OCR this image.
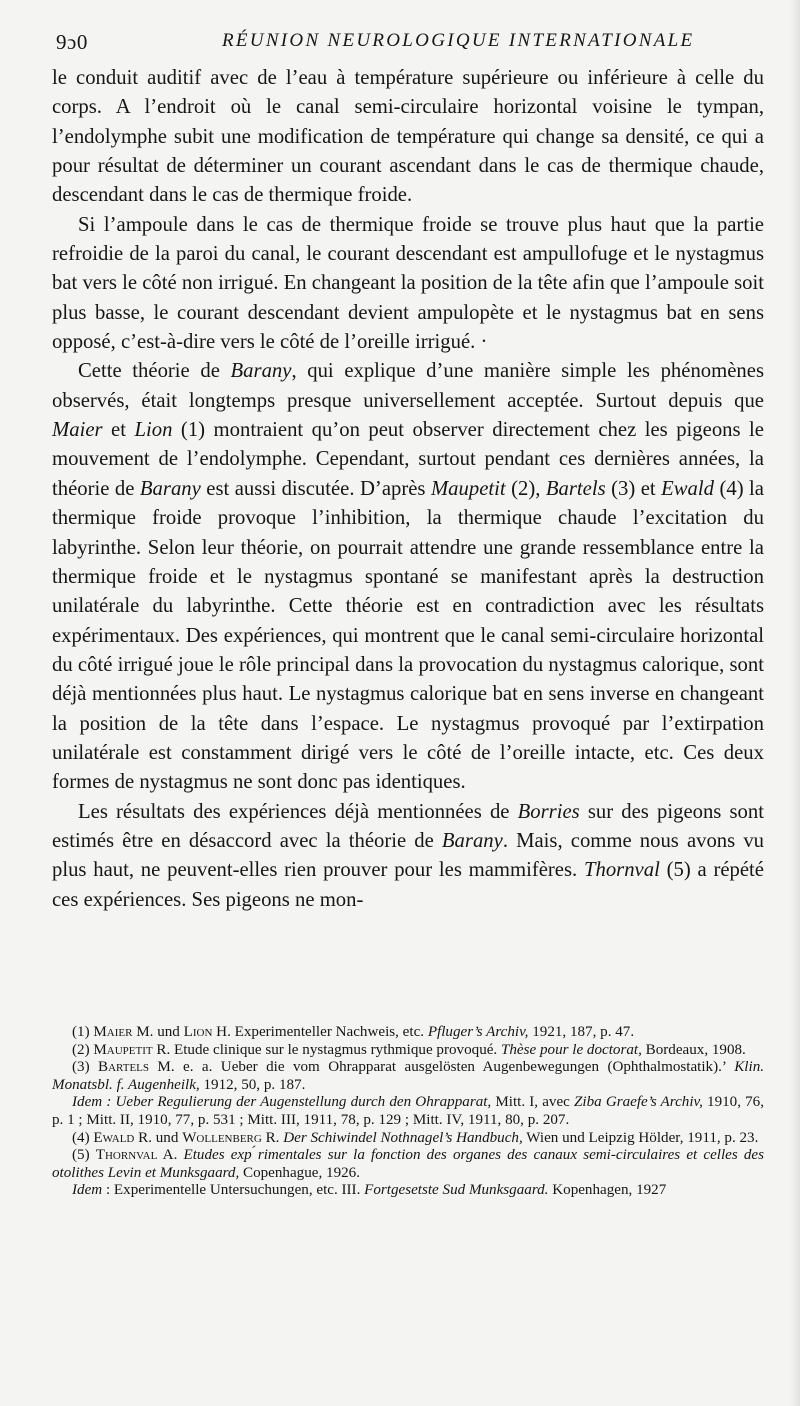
9ɔ0	RÉUNION NEUROLOGIQUE INTERNATIONALE

le conduit auditif avec de l’eau à température supérieure ou inférieure à celle du corps. A l’endroit où le canal semi-circulaire horizontal voisine le tympan, l’endolymphe subit une modification de température qui change sa densité, ce qui a pour résultat de déterminer un courant ascendant dans le cas de thermique chaude, descendant dans le cas de thermique froide.

Si l’ampoule dans le cas de thermique froide se trouve plus haut que la partie refroidie de la paroi du canal, le courant descendant est ampullofuge et le nystagmus bat vers le côté non irrigué. En changeant la position de la tête afin que l’ampoule soit plus basse, le courant descendant devient ampulopète et le nystagmus bat en sens opposé, c’est-à-dire vers le côté de l’oreille irrigué. ·

Cette théorie de Barany, qui explique d’une manière simple les phénomènes observés, était longtemps presque universellement acceptée. Surtout depuis que Maier et Lion (1) montraient qu’on peut observer directement chez les pigeons le mouvement de l’endolymphe. Cependant, surtout pendant ces dernières années, la théorie de Barany est aussi discutée. D’après Maupetit (2), Bartels (3) et Ewald (4) la thermique froide provoque l’inhibition, la thermique chaude l’excitation du labyrinthe. Selon leur théorie, on pourrait attendre une grande ressemblance entre la thermique froide et le nystagmus spontané se manifestant après la destruction unilatérale du labyrinthe. Cette théorie est en contradiction avec les résultats expérimentaux. Des expériences, qui montrent que le canal semi-circulaire horizontal du côté irrigué joue le rôle principal dans la provocation du nystagmus calorique, sont déjà mentionnées plus haut. Le nystagmus calorique bat en sens inverse en changeant la position de la tête dans l’espace. Le nystagmus provoqué par l’extirpation unilatérale est constamment dirigé vers le côté de l’oreille intacte, etc. Ces deux formes de nystagmus ne sont donc pas identiques.

Les résultats des expériences déjà mentionnées de Borries sur des pigeons sont estimés être en désaccord avec la théorie de Barany. Mais, comme nous avons vu plus haut, ne peuvent-elles rien prouver pour les mammifères. Thornval (5) a répété ces expériences. Ses pigeons ne mon-

(1) Maier M. und Lion H. Experimenteller Nachweis, etc. Pfluger’s Archiv, 1921, 187, p. 47.

(2) Maupetit R. Etude clinique sur le nystagmus rythmique provoqué. Thèse pour le doctorat, Bordeaux, 1908.

(3) Bartels M. e. a. Ueber die vom Ohrapparat ausgelösten Augenbewegungen (Ophthalmostatik).’ Klin. Monatsbl. f. Augenheilk, 1912, 50, p. 187.

Idem : Ueber Regulierung der Augenstellung durch den Ohrapparat, Mitt. I, avec Ziba Graefe’s Archiv, 1910, 76, p. 1 ; Mitt. II, 1910, 77, p. 531 ; Mitt. III, 1911, 78, p. 129 ; Mitt. IV, 1911, 80, p. 207.

(4) Ewald R. und Wollenberg R. Der Schiwindel Nothnagel’s Handbuch, Wien und Leipzig Hölder, 1911, p. 23.

(5) Thornval A. Etudes exp ́rimentales sur la fonction des organes des canaux semi-circulaires et celles des otolithes Levin et Munksgaard, Copenhague, 1926.

Idem : Experimentelle Untersuchungen, etc. III. Fortgesetste Sud Munksgaard. Kopenhagen, 1927
